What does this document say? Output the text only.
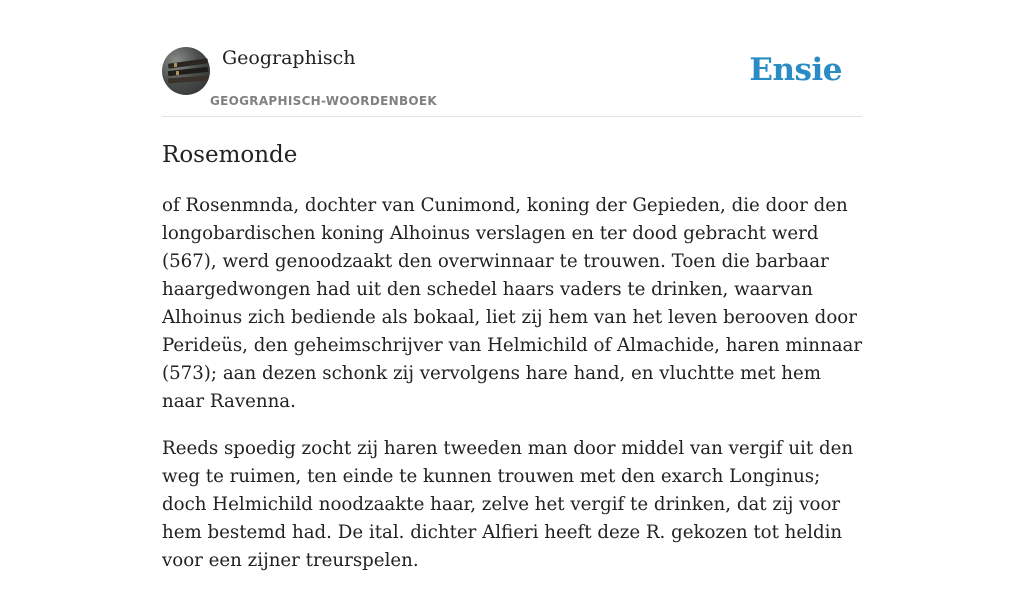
Geographisch
GEOGRAPHISCH-WOORDENBOEK
Ensie
Rosemonde

of Rosenmnda, dochter van Cunimond, koning der Gepieden, die door den longobardischen koning Alhoinus verslagen en ter dood gebracht werd (567), werd genoodzaakt den overwinnaar te trouwen. Toen die barbaar haargedwongen had uit den schedel haars vaders te drinken, waarvan Alhoinus zich bediende als bokaal, liet zij hem van het leven berooven door Perideüs, den geheimschrijver van Helmichild of Almachide, haren minnaar (573); aan dezen schonk zij vervolgens hare hand, en vluchtte met hem naar Ravenna.

Reeds spoedig zocht zij haren tweeden man door middel van vergif uit den weg te ruimen, ten einde te kunnen trouwen met den exarch Longinus; doch Helmichild noodzaakte haar, zelve het vergif te drinken, dat zij voor hem bestemd had. De ital. dichter Alfieri heeft deze R. gekozen tot heldin voor een zijner treurspelen.
